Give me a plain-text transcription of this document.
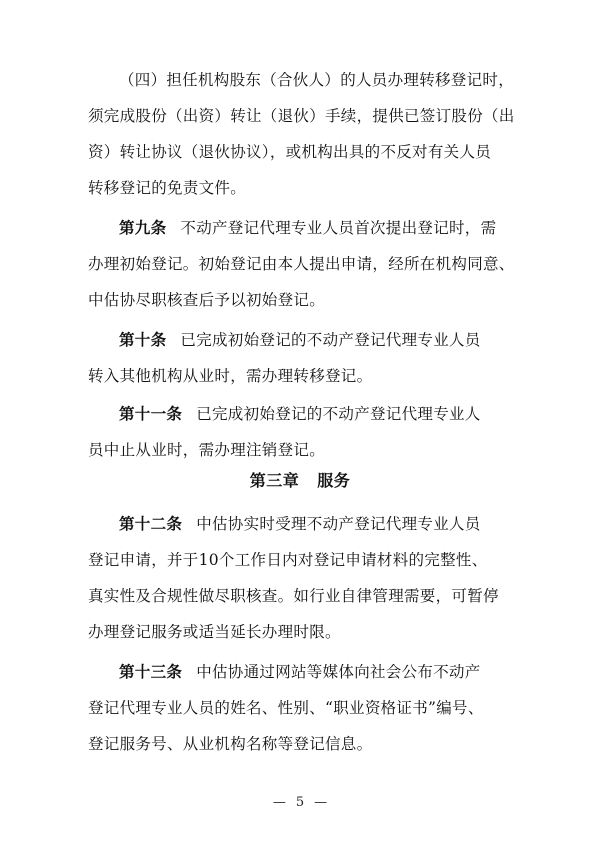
（四）担任机构股东（合伙人）的人员办理转移登记时，
须完成股份（出资）转让（退伙）手续，提供已签订股份（出
资）转让协议（退伙协议），或机构出具的不反对有关人员
转移登记的免责文件。
第九条 不动产登记代理专业人员首次提出登记时，需
办理初始登记。初始登记由本人提出申请，经所在机构同意、
中估协尽职核查后予以初始登记。
第十条 已完成初始登记的不动产登记代理专业人员
转入其他机构从业时，需办理转移登记。
第十一条 已完成初始登记的不动产登记代理专业人
员中止从业时，需办理注销登记。
第三章 服务
第十二条 中估协实时受理不动产登记代理专业人员
登记申请，并于10个工作日内对登记申请材料的完整性、
真实性及合规性做尽职核查。如行业自律管理需要，可暂停
办理登记服务或适当延长办理时限。
第十三条 中估协通过网站等媒体向社会公布不动产
登记代理专业人员的姓名、性别、“职业资格证书”编号、
登记服务号、从业机构名称等登记信息。
— 5 —
